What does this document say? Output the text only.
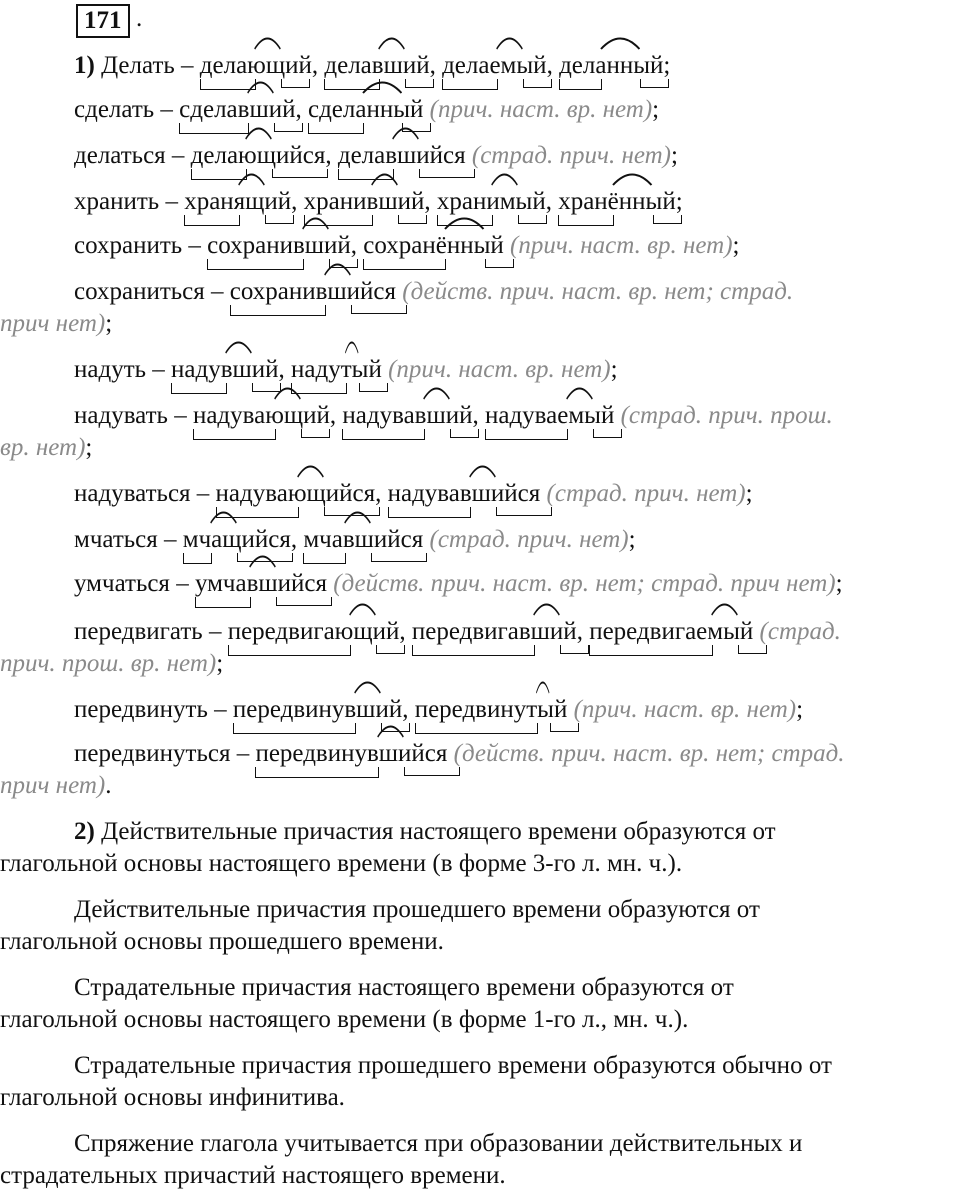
171 .
1) Делать – делающий
, делавший
, делаемый
, деланный
;
сделать – сделавший
, сделанный (прич. наст. вр. нет);
делаться – делающийся
, делавшийся (страд. прич. нет);
хранить – хранящий
, хранивший
, хранимый
, хранённый
;
сохранить – сохранивший
, сохранённый (прич. наст. вр. нет);
сохраниться – сохранившийся (действ. прич. наст. вр. нет; страд.
прич нет);
надуть – надувший
, надутый (прич. наст. вр. нет);
надувать – надувающий
, надувавший
, надуваемый (страд. прич. прош.
вр. нет);
надуваться – надувающийся
, надувавшийся (страд. прич. нет);
мчаться – мчащийся
, мчавшийся (страд. прич. нет);
умчаться – умчавшийся (действ. прич. наст. вр. нет; страд. прич нет);
передвигать – передвигающий
, передвигавший
, передвигаемый (страд.
прич. прош. вр. нет);
передвинуть – передвинувший
, передвинутый (прич. наст. вр. нет);
передвинуться – передвинувшийся (действ. прич. наст. вр. нет; страд.
прич нет).
2) Действительные причастия настоящего времени образуются от
глагольной основы настоящего времени (в форме 3-го л. мн. ч.).
Действительные причастия прошедшего времени образуются от
глагольной основы прошедшего времени.
Страдательные причастия настоящего времени образуются от
глагольной основы настоящего времени (в форме 1-го л., мн. ч.).
Страдательные причастия прошедшего времени образуются обычно от
глагольной основы инфинитива.
Спряжение глагола учитывается при образовании действительных и
страдательных причастий настоящего времени.
